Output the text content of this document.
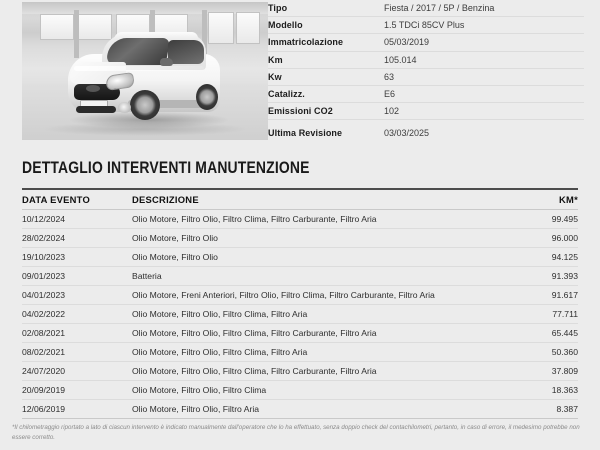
Tipo	Fiesta / 2017 / 5P / Benzina
Modello	1.5 TDCi 85CV Plus
Immatricolazione	05/03/2019
Km	105.014
Kw	63
Catalizz.	E6
Emissioni CO2	102
Ultima Revisione	03/03/2025
DETTAGLIO INTERVENTI MANUTENZIONE
DATA EVENTO	DESCRIZIONE	KM*
10/12/2024	Olio Motore, Filtro Olio, Filtro Clima, Filtro Carburante, Filtro Aria	99.495
28/02/2024	Olio Motore, Filtro Olio	96.000
19/10/2023	Olio Motore, Filtro Olio	94.125
09/01/2023	Batteria	91.393
04/01/2023	Olio Motore, Freni Anteriori, Filtro Olio, Filtro Clima, Filtro Carburante, Filtro Aria	91.617
04/02/2022	Olio Motore, Filtro Olio, Filtro Clima, Filtro Aria	77.711
02/08/2021	Olio Motore, Filtro Olio, Filtro Clima, Filtro Carburante, Filtro Aria	65.445
08/02/2021	Olio Motore, Filtro Olio, Filtro Clima, Filtro Aria	50.360
24/07/2020	Olio Motore, Filtro Olio, Filtro Clima, Filtro Carburante, Filtro Aria	37.809
20/09/2019	Olio Motore, Filtro Olio, Filtro Clima	18.363
12/06/2019	Olio Motore, Filtro Olio, Filtro Aria	8.387
*Il chilometraggio riportato a lato di ciascun intervento è indicato manualmente dall'operatore che lo ha effettuato, senza doppio check del contachilometri, pertanto, in caso di errore, il medesimo potrebbe non essere corretto.
